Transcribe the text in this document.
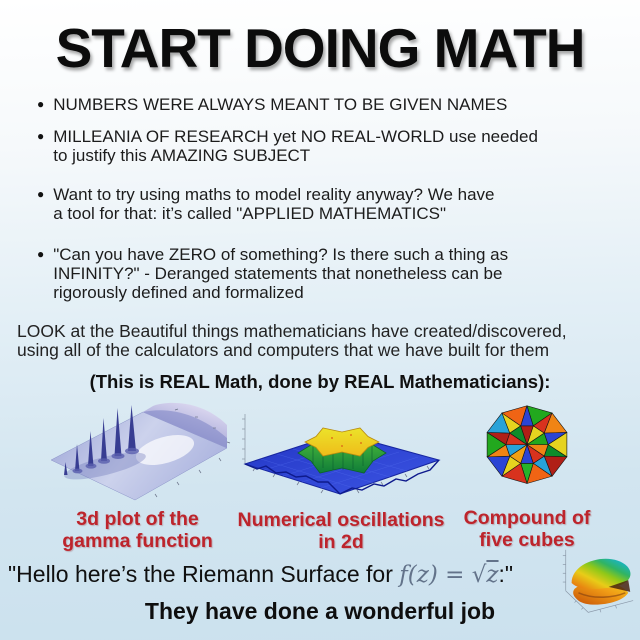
START DOING MATH
● NUMBERS WERE ALWAYS MEANT TO BE GIVEN NAMES
● MILLEANIA OF RESEARCH yet NO REAL-WORLD use needed
to justify this AMAZING SUBJECT
● Want to try using maths to model reality anyway? We have
a tool for that: it’s called "APPLIED MATHEMATICS"
● "Can you have ZERO of something? Is there such a thing as
INFINITY?" - Deranged statements that nonetheless can be
rigorously defined and formalized

LOOK at the Beautiful things mathematicians have created/discovered,
using all of the calculators and computers that we have built for them

(This is REAL Math, done by REAL Mathematicians):

3d plot of the
gamma function
Numerical oscillations
in 2d
Compound of
five cubes
"Hello here’s the Riemann Surface for f(z) = √z:"

They have done a wonderful job
